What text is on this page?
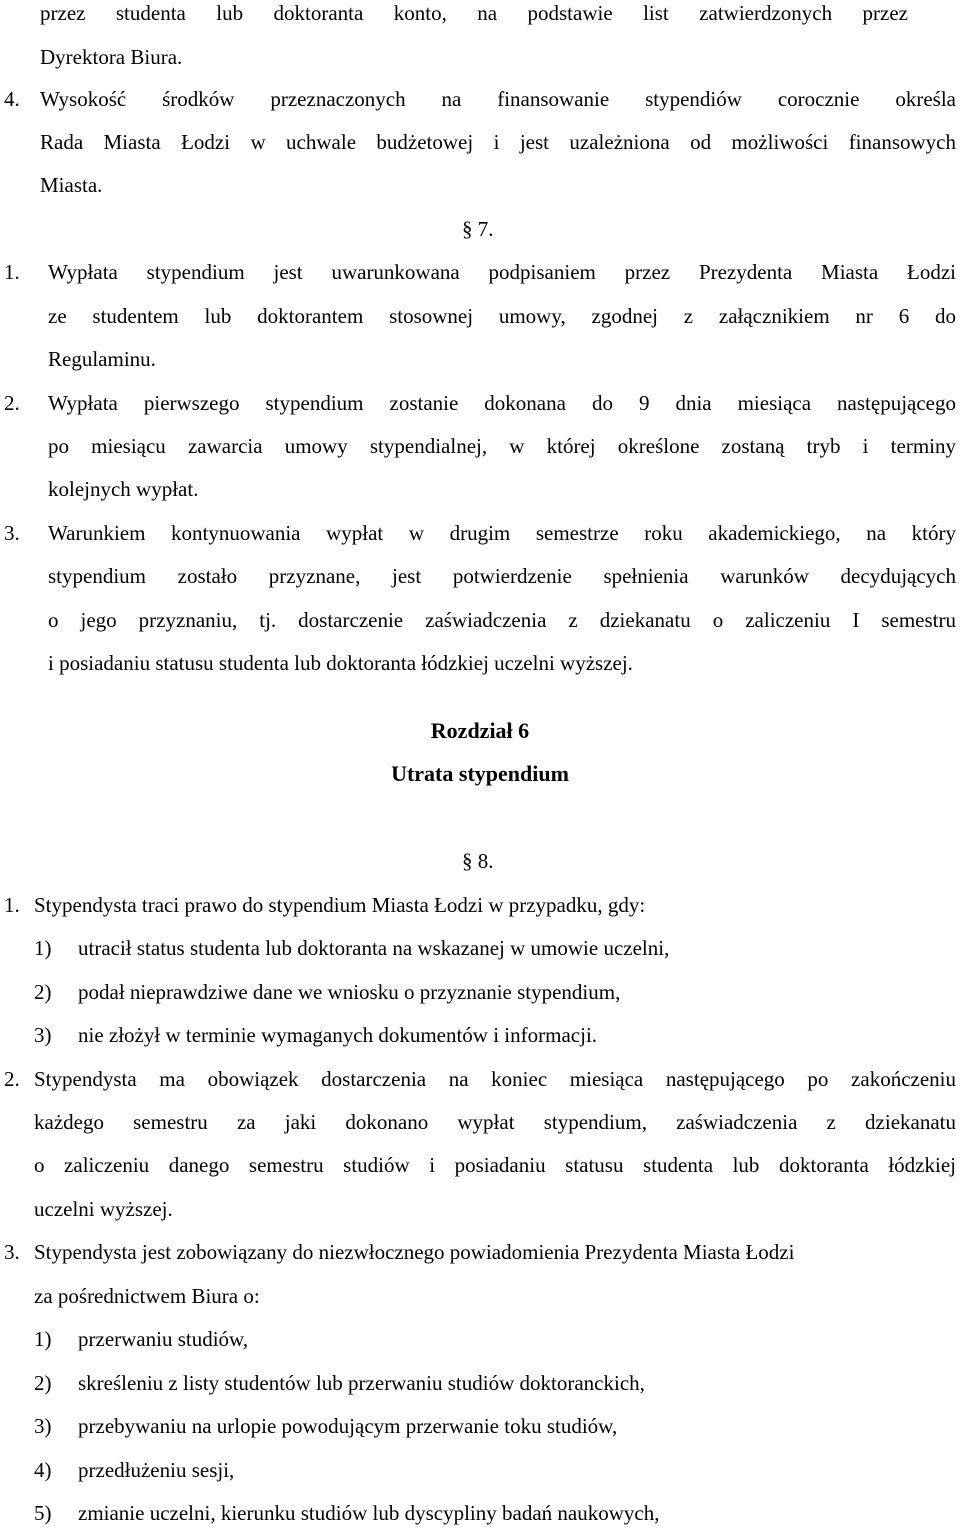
przez studenta lub doktoranta konto, na podstawie list zatwierdzonych przez
Dyrektora Biura.
4. Wysokość środków przeznaczonych na finansowanie stypendiów corocznie określa
Rada Miasta Łodzi w uchwale budżetowej i jest uzależniona od możliwości finansowych
Miasta.
§ 7.
1. Wypłata stypendium jest uwarunkowana podpisaniem przez Prezydenta Miasta Łodzi
ze studentem lub doktorantem stosownej umowy, zgodnej z załącznikiem nr 6 do
Regulaminu.
2. Wypłata pierwszego stypendium zostanie dokonana do 9 dnia miesiąca następującego
po miesiącu zawarcia umowy stypendialnej, w której określone zostaną tryb i terminy
kolejnych wypłat.
3. Warunkiem kontynuowania wypłat w drugim semestrze roku akademickiego, na który
stypendium zostało przyznane, jest potwierdzenie spełnienia warunków decydujących
o jego przyznaniu, tj. dostarczenie zaświadczenia z dziekanatu o zaliczeniu I semestru
i posiadaniu statusu studenta lub doktoranta łódzkiej uczelni wyższej.
Rozdział 6
Utrata stypendium
§ 8.
1. Stypendysta traci prawo do stypendium Miasta Łodzi w przypadku, gdy:
1) utracił status studenta lub doktoranta na wskazanej w umowie uczelni,
2) podał nieprawdziwe dane we wniosku o przyznanie stypendium,
3) nie złożył w terminie wymaganych dokumentów i informacji.
2. Stypendysta ma obowiązek dostarczenia na koniec miesiąca następującego po zakończeniu
każdego semestru za jaki dokonano wypłat stypendium, zaświadczenia z dziekanatu
o zaliczeniu danego semestru studiów i posiadaniu statusu studenta lub doktoranta łódzkiej
uczelni wyższej.
3. Stypendysta jest zobowiązany do niezwłocznego powiadomienia Prezydenta Miasta Łodzi
za pośrednictwem Biura o:
1) przerwaniu studiów,
2) skreśleniu z listy studentów lub przerwaniu studiów doktoranckich,
3) przebywaniu na urlopie powodującym przerwanie toku studiów,
4) przedłużeniu sesji,
5) zmianie uczelni, kierunku studiów lub dyscypliny badań naukowych,
